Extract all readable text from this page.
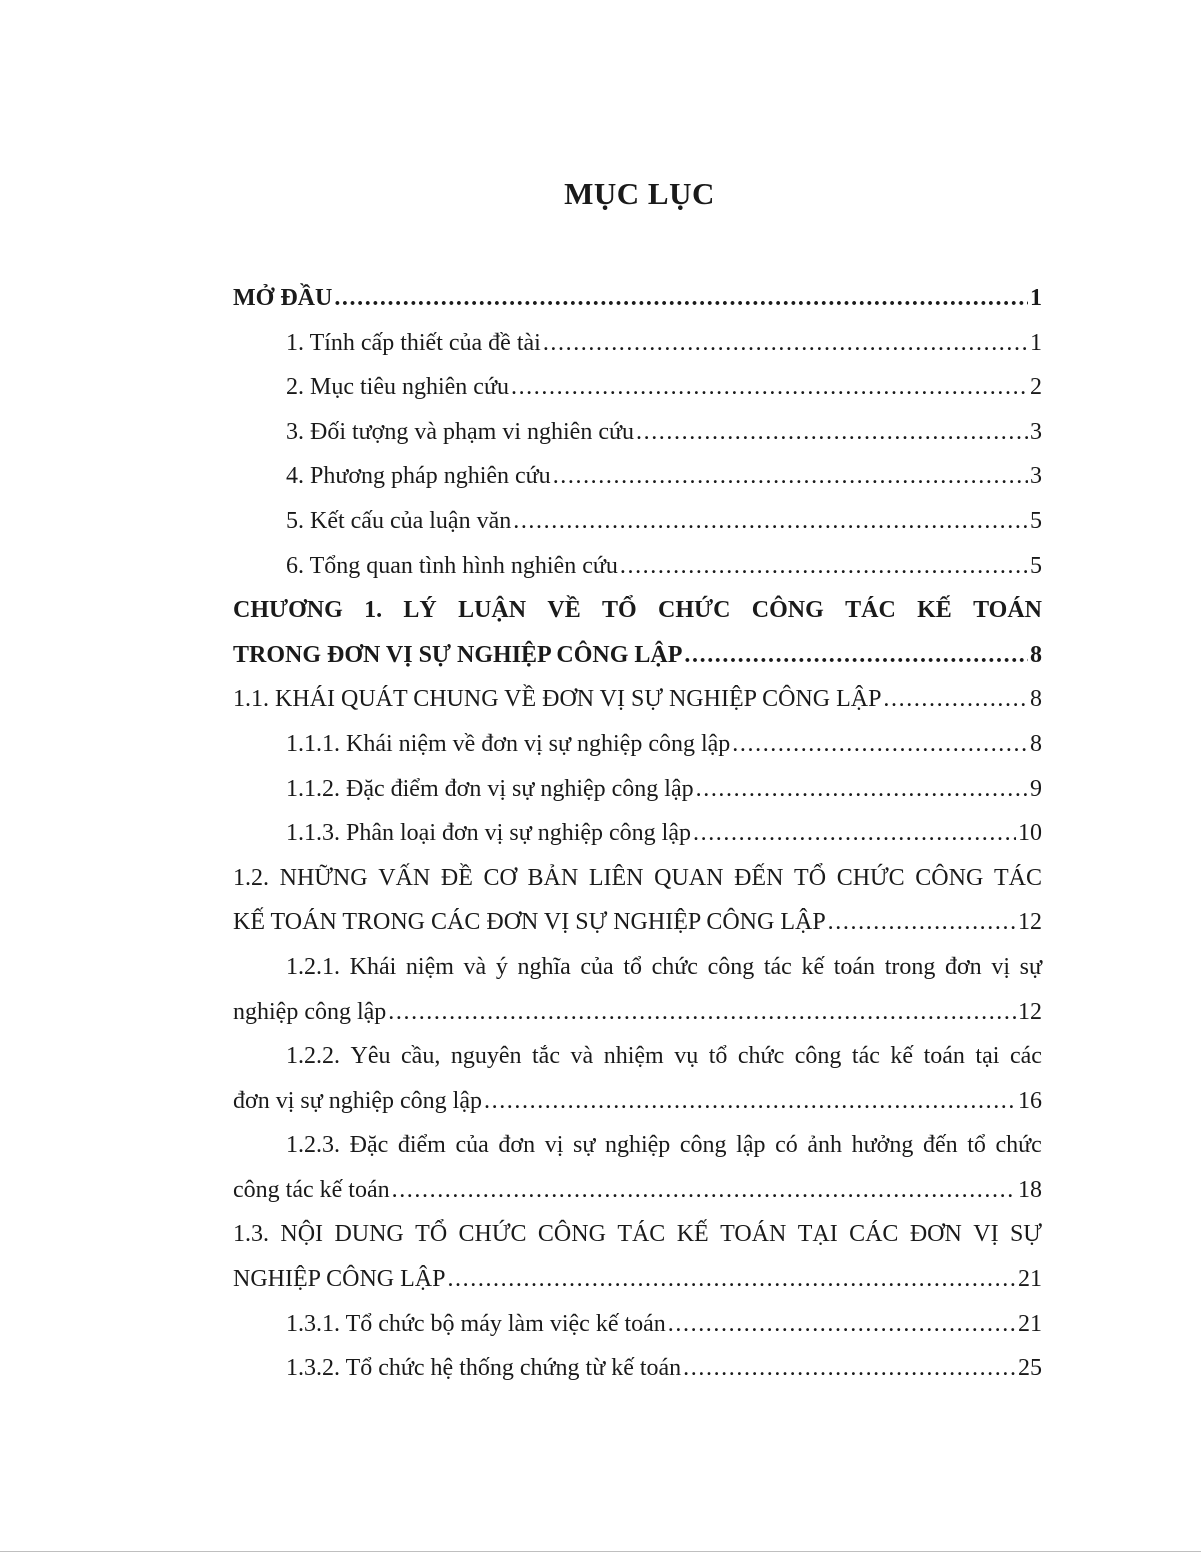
MỤC LỤC
MỞ ĐẦU .....	1
1. Tính cấp thiết của đề tài .....	1
2. Mục tiêu nghiên cứu .....	2
3. Đối tượng và phạm vi nghiên cứu .....	3
4. Phương pháp nghiên cứu .....	3
5. Kết cấu của luận văn .....	5
6. Tổng quan tình hình nghiên cứu .....	5
CHƯƠNG 1. LÝ LUẬN VỀ TỔ CHỨC CÔNG TÁC KẾ TOÁN
TRONG ĐƠN VỊ SỰ NGHIỆP CÔNG LẬP .....	8
1.1. KHÁI QUÁT CHUNG VỀ ĐƠN VỊ SỰ NGHIỆP CÔNG LẬP .....	8
1.1.1. Khái niệm về đơn vị sự nghiệp công lập .....	8
1.1.2. Đặc điểm đơn vị sự nghiệp công lập .....	9
1.1.3. Phân loại đơn vị sự nghiệp công lập .....	10
1.2. NHỮNG VẤN ĐỀ CƠ BẢN LIÊN QUAN ĐẾN TỔ CHỨC CÔNG TÁC
KẾ TOÁN TRONG CÁC ĐƠN VỊ SỰ NGHIỆP CÔNG LẬP .....	12
1.2.1. Khái niệm và ý nghĩa của tổ chức công tác kế toán trong đơn vị sự
nghiệp công lập .....	12
1.2.2. Yêu cầu, nguyên tắc và nhiệm vụ tổ chức công tác kế toán tại các
đơn vị sự nghiệp công lập .....	16
1.2.3. Đặc điểm của đơn vị sự nghiệp công lập có ảnh hưởng đến tổ chức
công tác kế toán .....	18
1.3. NỘI DUNG TỔ CHỨC CÔNG TÁC KẾ TOÁN TẠI CÁC ĐƠN VỊ SỰ
NGHIỆP CÔNG LẬP .....	21
1.3.1. Tổ chức bộ máy làm việc kế toán .....	21
1.3.2. Tổ chức hệ thống chứng từ kế toán .....	25
